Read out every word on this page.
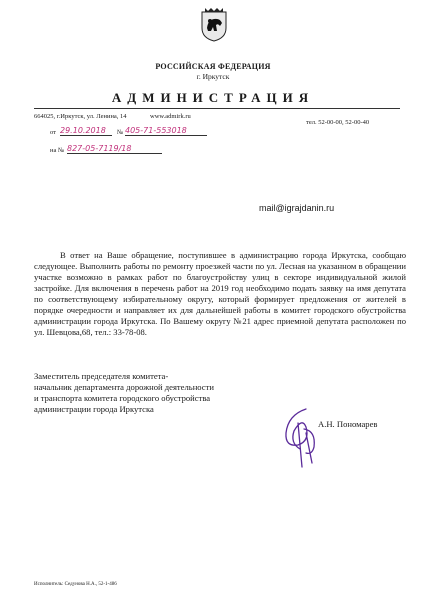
РОССИЙСКАЯ ФЕДЕРАЦИЯ
г. Иркутск
АДМИНИСТРАЦИЯ
664025, г.Иркутск, ул. Ленина, 14	www.admirk.ru
тел. 52-00-00, 52-00-40
от 29.10.2018	№ 405-71-553018
на № 827-05-7119/18
mail@igrajdanin.ru

В ответ на Ваше обращение, поступившее в администрацию города Иркутска, сообщаю следующее. Выполнить работы по ремонту проезжей части по ул. Лесная на указанном в обращении участке возможно в рамках работ по благоустройству улиц в секторе индивидуальной жилой застройке. Для включения в перечень работ на 2019 год необходимо подать заявку на имя депутата по соответствующему избирательному округу, который формирует предложения от жителей в порядке очередности и направляет их для дальнейшей работы в комитет городского обустройства администрации города Иркутска. По Вашему округу №21 адрес приемной депутата расположен по ул. Шевцова,68, тел.: 33-78-08.

Заместитель председателя комитета-
начальник департамента дорожной деятельности
и транспорта комитета городского обустройства
администрации города Иркутска
А.Н. Пономарев
Исполнитель: Седунова Н.А., 52-1-486
